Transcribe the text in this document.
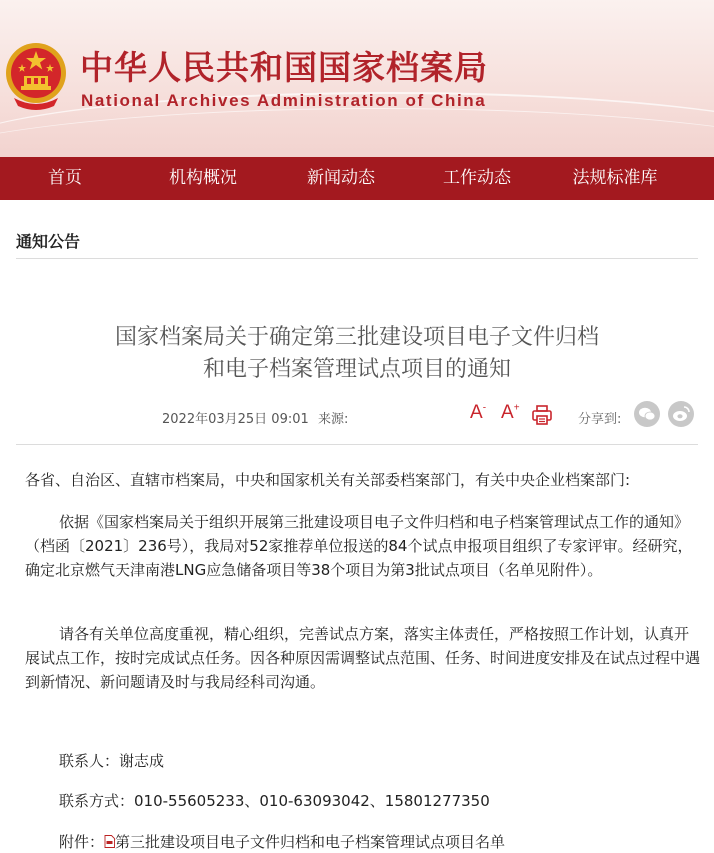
中华人民共和国国家档案局
National Archives Administration of China
首页	机构概况	新闻动态	工作动态	法规标准库
通知公告
国家档案局关于确定第三批建设项目电子文件归档
和电子档案管理试点项目的通知
2022年03月25日 09:01 来源:	A- A+
分享到:
各省、自治区、直辖市档案局，中央和国家机关有关部委档案部门，有关中央企业档案部门:

依据《国家档案局关于组织开展第三批建设项目电子文件归档和电子档案管理试点工作的通知》（档函〔2021〕236号），我局对52家推荐单位报送的84个试点申报项目组织了专家评审。经研究，确定北京燃气天津南港LNG应急储备项目等38个项目为第3批试点项目（名单见附件）。

请各有关单位高度重视，精心组织，完善试点方案，落实主体责任，严格按照工作计划，认真开展试点工作，按时完成试点任务。因各种原因需调整试点范围、任务、时间进度安排及在试点过程中遇到新情况、新问题请及时与我局经科司沟通。

联系人：谢志成
联系方式：010-55605233、010-63093042、15801277350
附件： 第三批建设项目电子文件归档和电子档案管理试点项目名单
